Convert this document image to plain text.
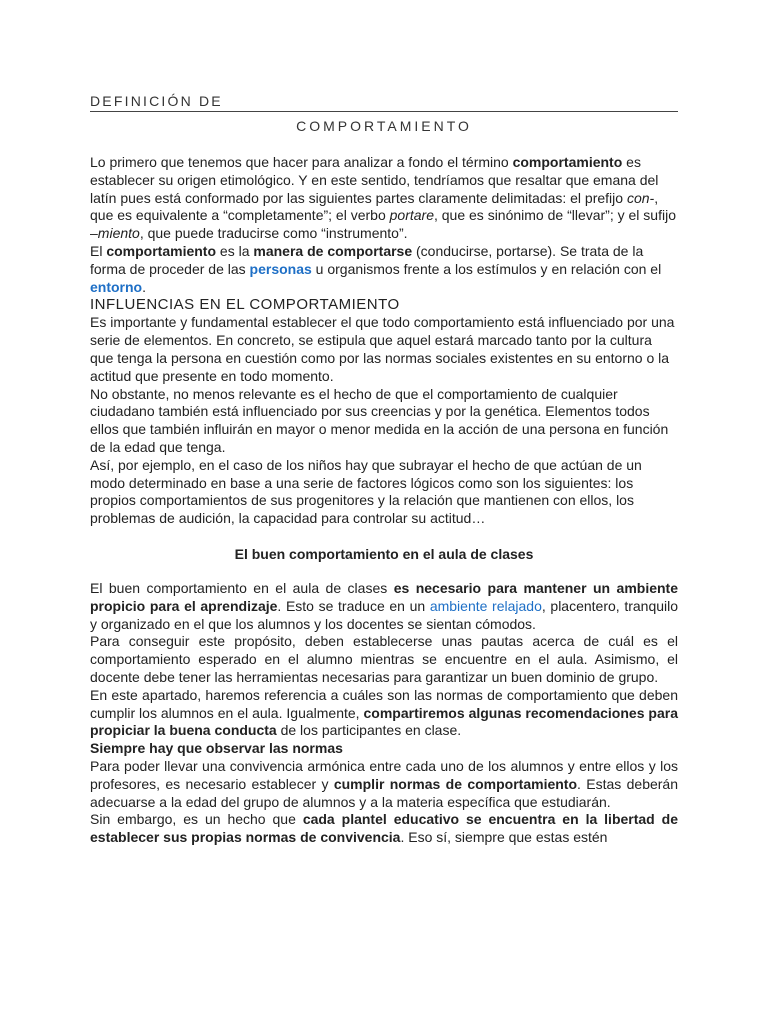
DEFINICIÓN DE
COMPORTAMIENTO

Lo primero que tenemos que hacer para analizar a fondo el término comportamiento es establecer su origen etimológico. Y en este sentido, tendríamos que resaltar que emana del latín pues está conformado por las siguientes partes claramente delimitadas: el prefijo con-, que es equivalente a “completamente”; el verbo portare, que es sinónimo de “llevar”; y el sufijo –miento, que puede traducirse como “instrumento”.

El comportamiento es la manera de comportarse (conducirse, portarse). Se trata de la forma de proceder de las personas u organismos frente a los estímulos y en relación con el entorno.

INFLUENCIAS EN EL COMPORTAMIENTO

Es importante y fundamental establecer el que todo comportamiento está influenciado por una serie de elementos. En concreto, se estipula que aquel estará marcado tanto por la cultura que tenga la persona en cuestión como por las normas sociales existentes en su entorno o la actitud que presente en todo momento.

No obstante, no menos relevante es el hecho de que el comportamiento de cualquier ciudadano también está influenciado por sus creencias y por la genética. Elementos todos ellos que también influirán en mayor o menor medida en la acción de una persona en función de la edad que tenga.

Así, por ejemplo, en el caso de los niños hay que subrayar el hecho de que actúan de un modo determinado en base a una serie de factores lógicos como son los siguientes: los propios comportamientos de sus progenitores y la relación que mantienen con ellos, los problemas de audición, la capacidad para controlar su actitud…

El buen comportamiento en el aula de clases

El buen comportamiento en el aula de clases es necesario para mantener un ambiente propicio para el aprendizaje. Esto se traduce en un ambiente relajado, placentero, tranquilo y organizado en el que los alumnos y los docentes se sientan cómodos.

Para conseguir este propósito, deben establecerse unas pautas acerca de cuál es el comportamiento esperado en el alumno mientras se encuentre en el aula. Asimismo, el docente debe tener las herramientas necesarias para garantizar un buen dominio de grupo.

En este apartado, haremos referencia a cuáles son las normas de comportamiento que deben cumplir los alumnos en el aula. Igualmente, compartiremos algunas recomendaciones para propiciar la buena conducta de los participantes en clase.

Siempre hay que observar las normas

Para poder llevar una convivencia armónica entre cada uno de los alumnos y entre ellos y los profesores, es necesario establecer y cumplir normas de comportamiento. Estas deberán adecuarse a la edad del grupo de alumnos y a la materia específica que estudiarán.

Sin embargo, es un hecho que cada plantel educativo se encuentra en la libertad de establecer sus propias normas de convivencia. Eso sí, siempre que estas estén
